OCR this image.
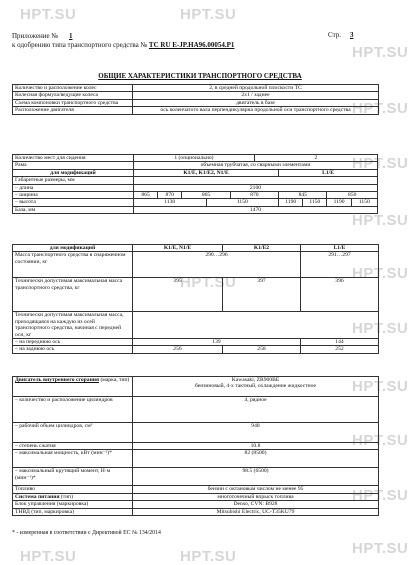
HPT.SU	HPT.SU
HPT.SU
HPT.SU
HPT.SU
HPT.SU
HPT.SU
HPT.SU
HPT.SU
HPT.SU
HPT.SU
HPT.SU
HPT.SU
HPT.SU	HPT.SU
Приложение № 1
к одобрению типа транспортного средства № TC RU E-JP.HA96.00054.P1
Стр. 3
ОБЩИЕ ХАРАКТЕРИСТИКИ ТРАНСПОРТНОГО СРЕДСТВА
Количество и расположение колес	2, в средней продольной плоскости ТС
Колесная формула/ведущие колеса	2x1 / заднее
Схема компоновки транспортного средства	двигатель в базе
Расположение двигателя	ось коленчатого вала перпендикулярна продольной оси транспортного средства
Количество мест для сидения	1 (опционально)					2				
Рама	объемная трубчатая, со сварными элементами									
для модификаций	K1/E, K1/E2, N1/E						L1/E			
Габаритные размеры, мм										
– длина	2100									
– ширина	865	870	865		870		845		850	
– высота	1130			1150			1190	1150	1190	1150
База, мм	1470									
для модификаций	K1/E, N1/E	K1/E2	L1/E
Масса транспортного средства в снаряженном состоянии, кг	290…296		291…297
Технически допустимая максимальная масса транспортного средства, кг	395	397	396
Технически допустимая максимальная масса, приходящаяся на каждую из осей транспортного средства, начиная с передней оси, кг			
– на переднюю ось	139		144
– на заднюю ось	256	258	252
Двигатель внутреннего сгорания (марка, тип)	Kawasaki, ZR900BE
бензиновый, 4-х тактный, охлаждение жидкостное

– количество и расположение цилиндров	4, рядное
– рабочий объем цилиндров, см³	948
– степень сжатия	10.8
– максимальная мощность, кВт (мин⁻¹)*	82 (8500)
– максимальный крутящий момент, Н·м (мин⁻¹)*	98.5 (6500)
Топливо	бензин с октановым числом не менее 95
Система питания (тип)	многоточечный впрыск топлива
Блок управления (маркировка)	Denso, CVN: B928
ТНВД (тип, маркировка)	Mitsubishi Electric, UC-T35KU79
* - измеренная в соответствии с Директивой ЕС № 134/2014
